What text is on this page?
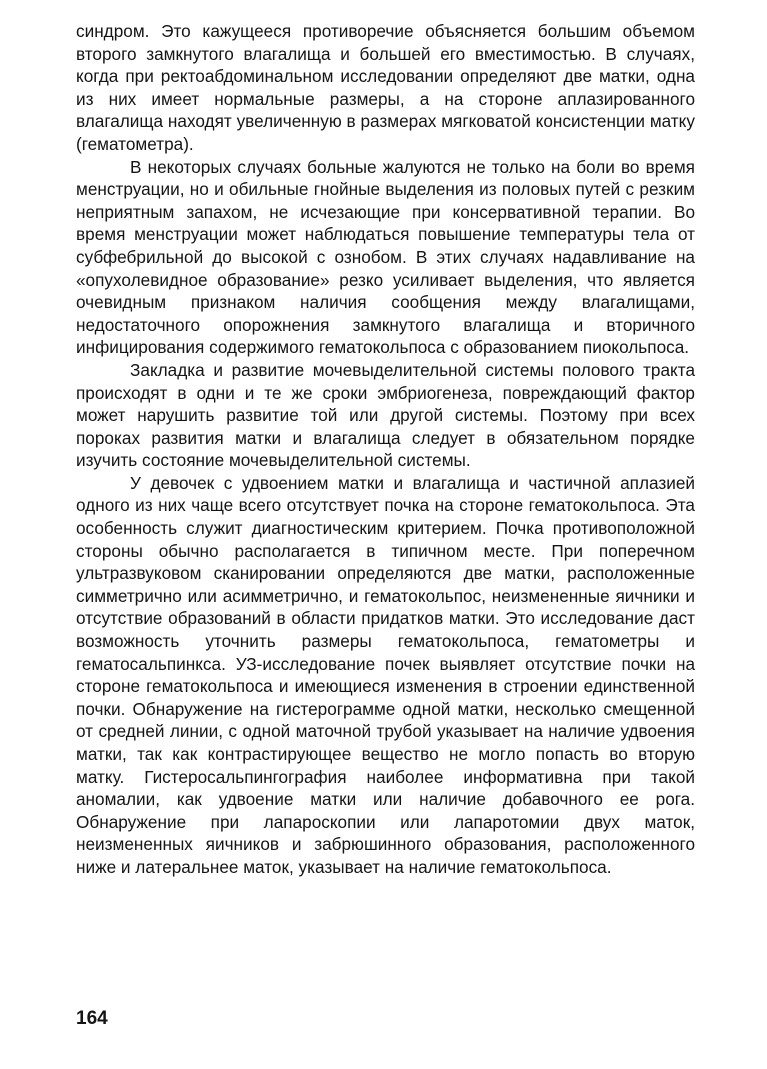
синдром. Это кажущееся противоречие объясняется большим объемом второго замкнутого влагалища и большей его вместимостью. В случаях, когда при ректоабдоминальном исследовании определяют две матки, одна из них имеет нормальные размеры, а на стороне аплазированного влагалища находят увеличенную в размерах мягковатой консистенции матку (гематометра).

В некоторых случаях больные жалуются не только на боли во время менструации, но и обильные гнойные выделения из половых путей с резким неприятным запахом, не исчезающие при консервативной терапии. Во время менструации может наблюдаться повышение температуры тела от субфебрильной до высокой с ознобом. В этих случаях надавливание на «опухолевидное образование» резко усиливает выделения, что является очевидным признаком наличия сообщения между влагалищами, недостаточного опорожнения замкнутого влагалища и вторичного инфицирования содержимого гематокольпоса с образованием пиокольпоса.

Закладка и развитие мочевыделительной системы полового тракта происходят в одни и те же сроки эмбриогенеза, повреждающий фактор может нарушить развитие той или другой системы. Поэтому при всех пороках развития матки и влагалища следует в обязательном порядке изучить состояние мочевыделительной системы.

У девочек с удвоением матки и влагалища и частичной аплазией одного из них чаще всего отсутствует почка на стороне гематокольпоса. Эта особенность служит диагностическим критерием. Почка противоположной стороны обычно располагается в типичном месте. При поперечном ультразвуковом сканировании определяются две матки, расположенные симметрично или асимметрично, и гематокольпос, неизмененные яичники и отсутствие образований в области придатков матки. Это исследование даст возможность уточнить размеры гематокольпоса, гематометры и гематосальпинкса. УЗ-исследование почек выявляет отсутствие почки на стороне гематокольпоса и имеющиеся изменения в строении единственной почки. Обнаружение на гистерограмме одной матки, несколько смещенной от средней линии, с одной маточной трубой указывает на наличие удвоения матки, так как контрастирующее вещество не могло попасть во вторую матку. Гистеросальпингография наиболее информативна при такой аномалии, как удвоение матки или наличие добавочного ее рога. Обнаружение при лапароскопии или лапаротомии двух маток, неизмененных яичников и забрюшинного образования, расположенного ниже и латеральнее маток, указывает на наличие гематокольпоса.

164
